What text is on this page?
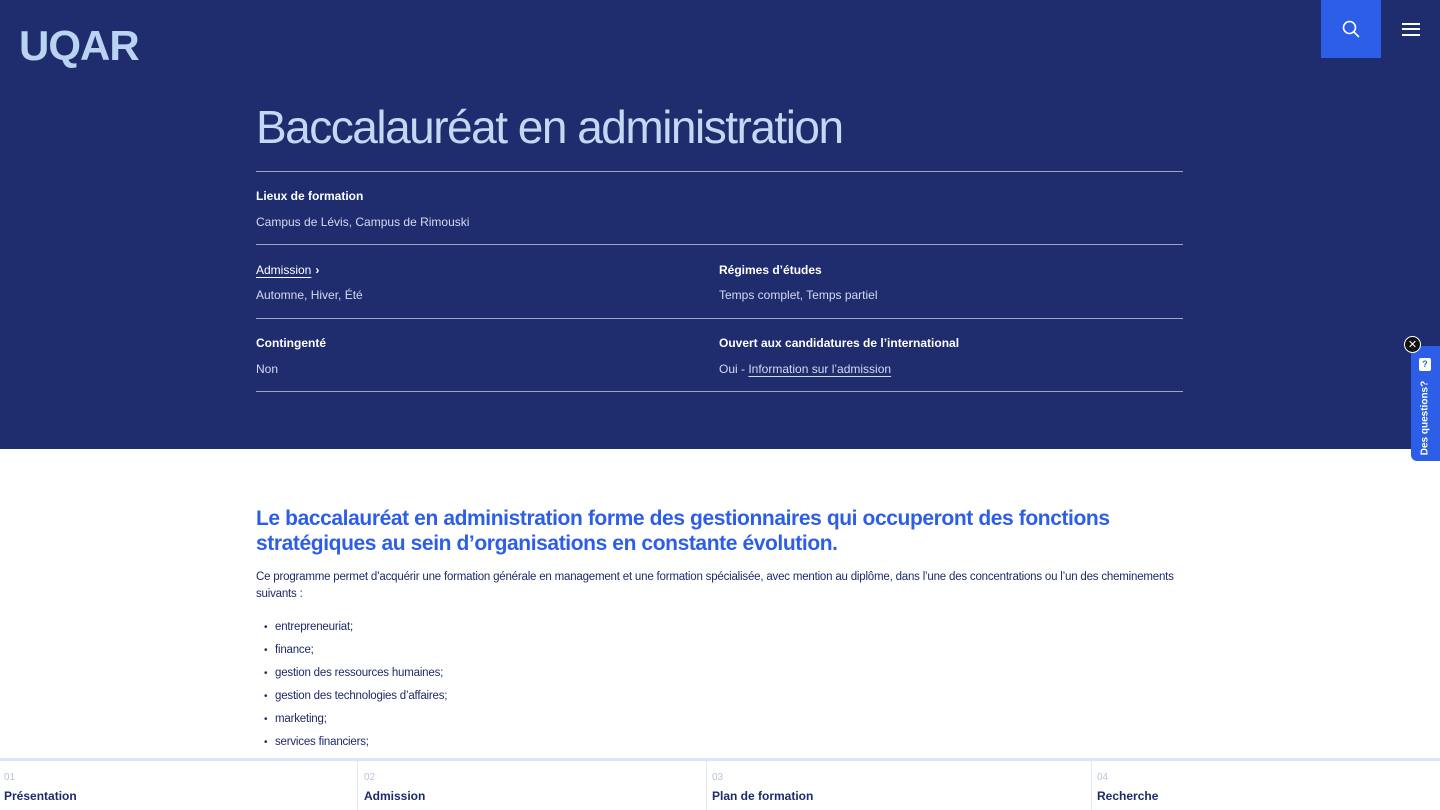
UQAR
Baccalauréat en administration
Lieux de formation
Campus de Lévis, Campus de Rimouski
Admission ›
Automne, Hiver, Été
Régimes d’études
Temps complet, Temps partiel
Contingenté
Non
Ouvert aux candidatures de l’international
Oui - Information sur l’admission	?
Des questions?
✕
Le baccalauréat en administration forme des gestionnaires qui occuperont des fonctions stratégiques au sein d’organisations en constante évolution.

Ce programme permet d’acquérir une formation générale en management et une formation spécialisée, avec mention au diplôme, dans l’une des concentrations ou l’un des cheminements suivants :

• entrepreneuriat;
• finance;
• gestion des ressources humaines;
• gestion des technologies d’affaires;
• marketing;
• services financiers;
01
Présentation
02
Admission
03
Plan de formation
04
Recherche
